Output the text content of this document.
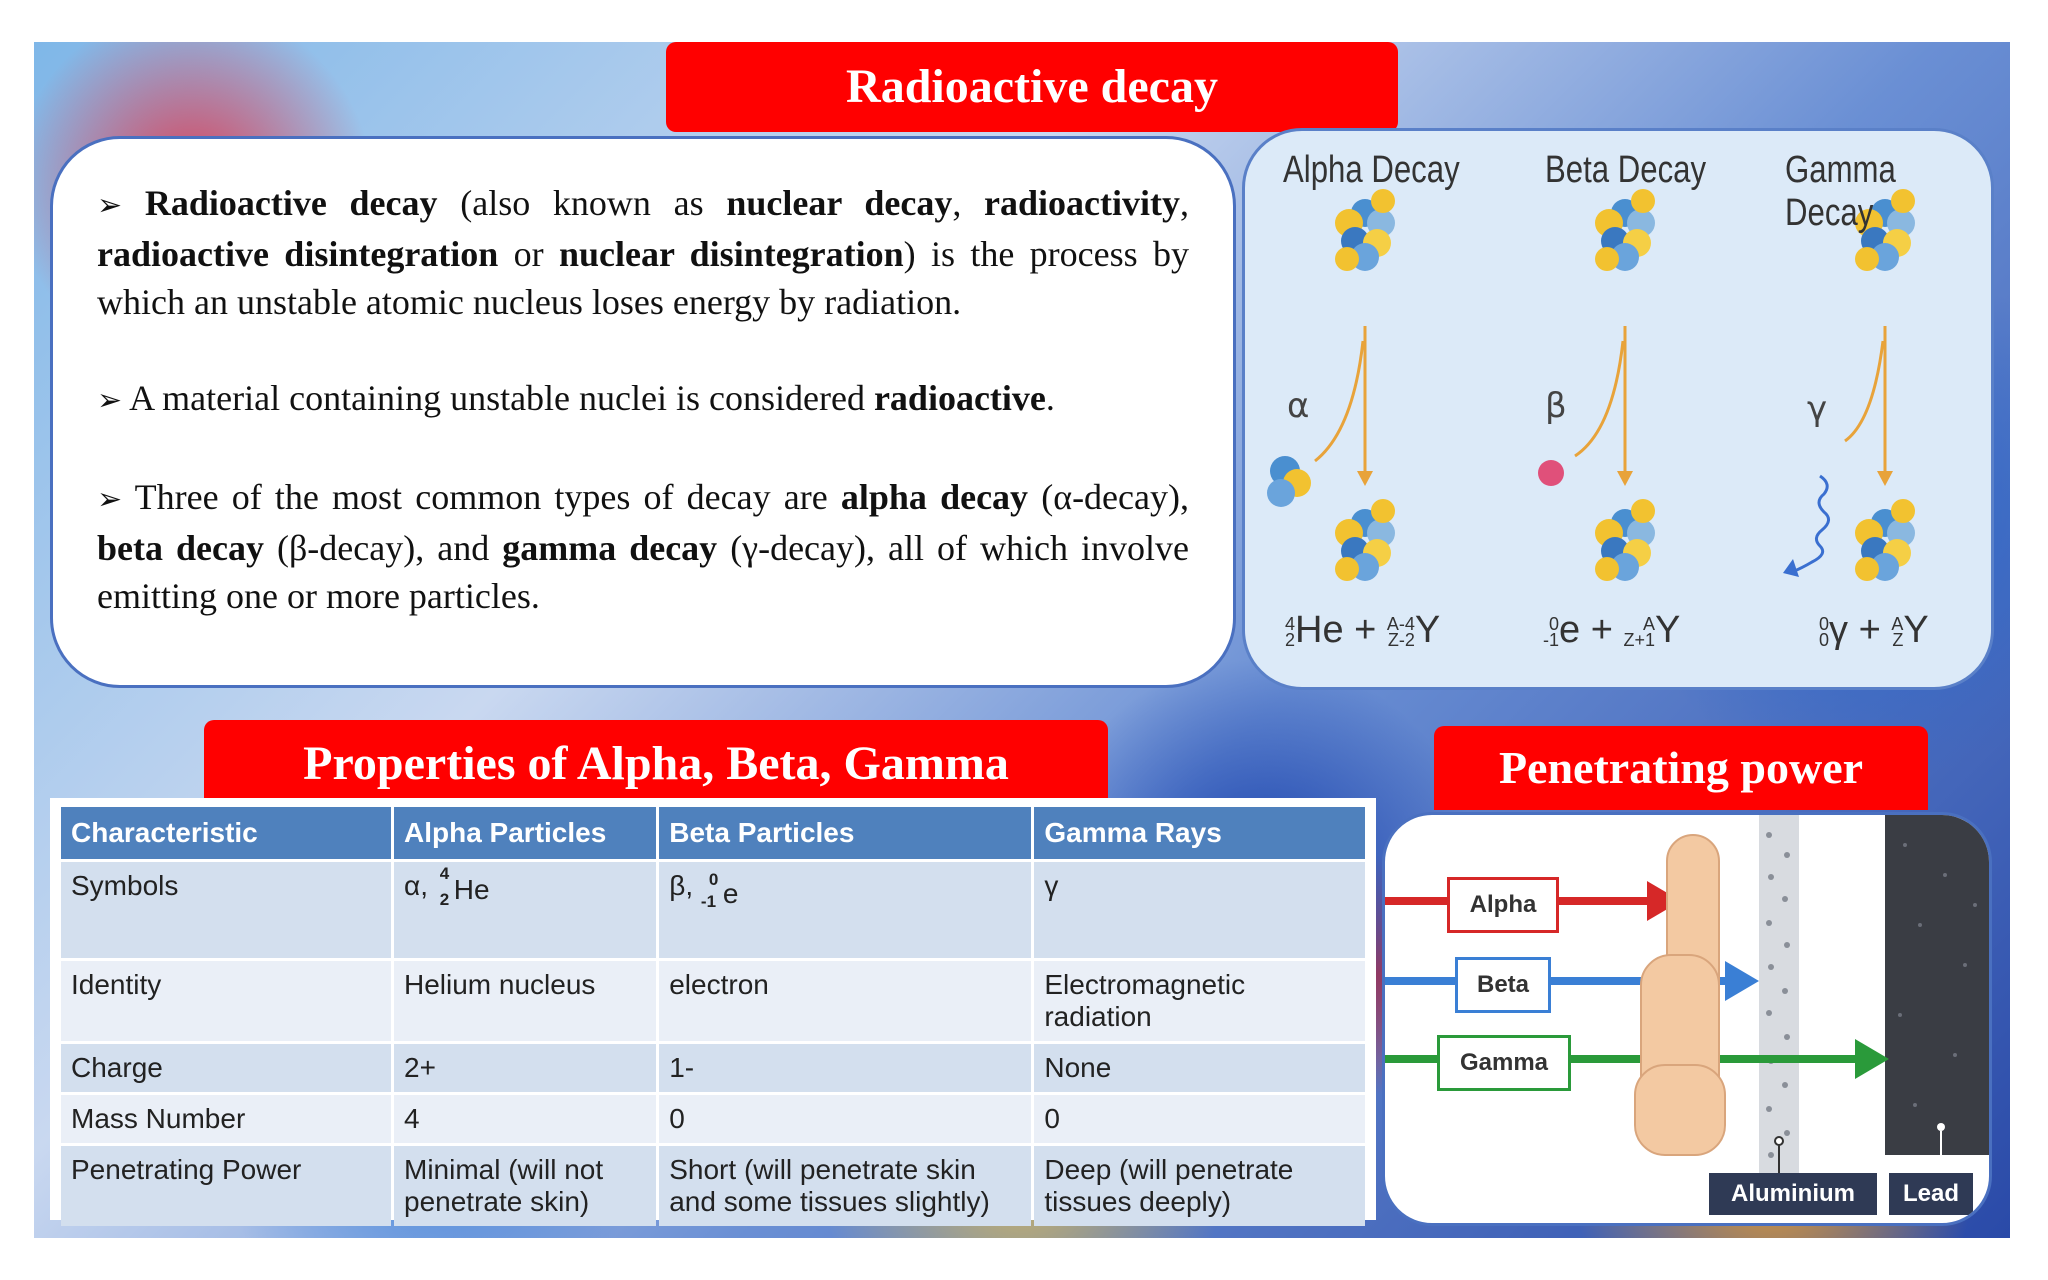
Radioactive decay

➢ Radioactive decay (also known as nuclear decay, radioactivity, radioactive disintegration or nuclear disintegration) is the process by which an unstable atomic nucleus loses energy by radiation.

➢ A material containing unstable nuclei is considered radioactive.

➢ Three of the most common types of decay are alpha decay (α-decay), beta decay (β-decay), and gamma decay (γ-decay), all of which involve emitting one or more particles.

Alpha Decay Beta Decay Gamma Decay
α	β	γ
4
2 He + A-4
Z-2 Y	0
-1 e +	A
Z+1 Y	0
0 γ + A
Z Y
Properties of Alpha, Beta, Gamma
Characteristic	Alpha Particles	Beta Particles	Gamma Rays
Symbols	α, 4
2 He	β, 0
-1 e	γ
Identity	Helium nucleus	electron	Electromagnetic radiation
Charge	2+	1-	None
Mass Number	4	0	0
Penetrating Power	Minimal (will not penetrate skin)	Short (will penetrate skin and some tissues slightly)	Deep (will penetrate tissues deeply)
Penetrating power
Alpha
Beta
Gamma
Aluminium	Lead
